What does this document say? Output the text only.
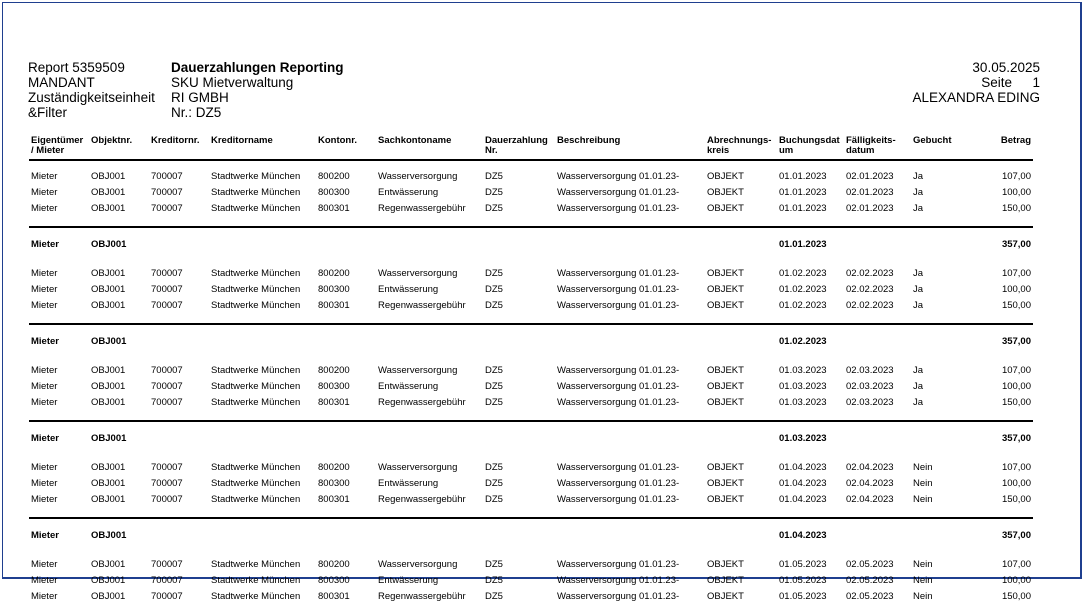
Report 5359509
MANDANT
Zuständigkeitseinheit
&Filter
Dauerzahlungen Reporting
SKU Mietverwaltung
RI GMBH
Nr.: DZ5
30.05.2025
Seite 1
ALEXANDRA EDING
Eigentümer / Mieter	Objektnr.	Kreditornr.	Kreditorname	Kontonr.	Sachkontoname	Dauerzahlung Nr.	Beschreibung	Abrechnungs- kreis	Buchungsdat um	Fälligkeits- datum	Gebucht	Betrag
Mieter	OBJ001	700007	Stadtwerke München	800200	Wasserversorgung	DZ5	Wasserversorgung 01.01.23-	OBJEKT	01.01.2023	02.01.2023	Ja	107,00
Mieter	OBJ001	700007	Stadtwerke München	800300	Entwässerung	DZ5	Wasserversorgung 01.01.23-	OBJEKT	01.01.2023	02.01.2023	Ja	100,00
Mieter	OBJ001	700007	Stadtwerke München	800301	Regenwassergebühr	DZ5	Wasserversorgung 01.01.23-	OBJEKT	01.01.2023	02.01.2023	Ja	150,00

Mieter	OBJ001								01.01.2023			357,00
Mieter	OBJ001	700007	Stadtwerke München	800200	Wasserversorgung	DZ5	Wasserversorgung 01.01.23-	OBJEKT	01.02.2023	02.02.2023	Ja	107,00
Mieter	OBJ001	700007	Stadtwerke München	800300	Entwässerung	DZ5	Wasserversorgung 01.01.23-	OBJEKT	01.02.2023	02.02.2023	Ja	100,00
Mieter	OBJ001	700007	Stadtwerke München	800301	Regenwassergebühr	DZ5	Wasserversorgung 01.01.23-	OBJEKT	01.02.2023	02.02.2023	Ja	150,00

Mieter	OBJ001								01.02.2023			357,00
Mieter	OBJ001	700007	Stadtwerke München	800200	Wasserversorgung	DZ5	Wasserversorgung 01.01.23-	OBJEKT	01.03.2023	02.03.2023	Ja	107,00
Mieter	OBJ001	700007	Stadtwerke München	800300	Entwässerung	DZ5	Wasserversorgung 01.01.23-	OBJEKT	01.03.2023	02.03.2023	Ja	100,00
Mieter	OBJ001	700007	Stadtwerke München	800301	Regenwassergebühr	DZ5	Wasserversorgung 01.01.23-	OBJEKT	01.03.2023	02.03.2023	Ja	150,00

Mieter	OBJ001								01.03.2023			357,00
Mieter	OBJ001	700007	Stadtwerke München	800200	Wasserversorgung	DZ5	Wasserversorgung 01.01.23-	OBJEKT	01.04.2023	02.04.2023	Nein	107,00
Mieter	OBJ001	700007	Stadtwerke München	800300	Entwässerung	DZ5	Wasserversorgung 01.01.23-	OBJEKT	01.04.2023	02.04.2023	Nein	100,00
Mieter	OBJ001	700007	Stadtwerke München	800301	Regenwassergebühr	DZ5	Wasserversorgung 01.01.23-	OBJEKT	01.04.2023	02.04.2023	Nein	150,00

Mieter	OBJ001								01.04.2023			357,00
Mieter	OBJ001	700007	Stadtwerke München	800200	Wasserversorgung	DZ5	Wasserversorgung 01.01.23-	OBJEKT	01.05.2023	02.05.2023	Nein	107,00
Mieter	OBJ001	700007	Stadtwerke München	800300	Entwässerung	DZ5	Wasserversorgung 01.01.23-	OBJEKT	01.05.2023	02.05.2023	Nein	100,00
Mieter	OBJ001	700007	Stadtwerke München	800301	Regenwassergebühr	DZ5	Wasserversorgung 01.01.23-	OBJEKT	01.05.2023	02.05.2023	Nein	150,00
